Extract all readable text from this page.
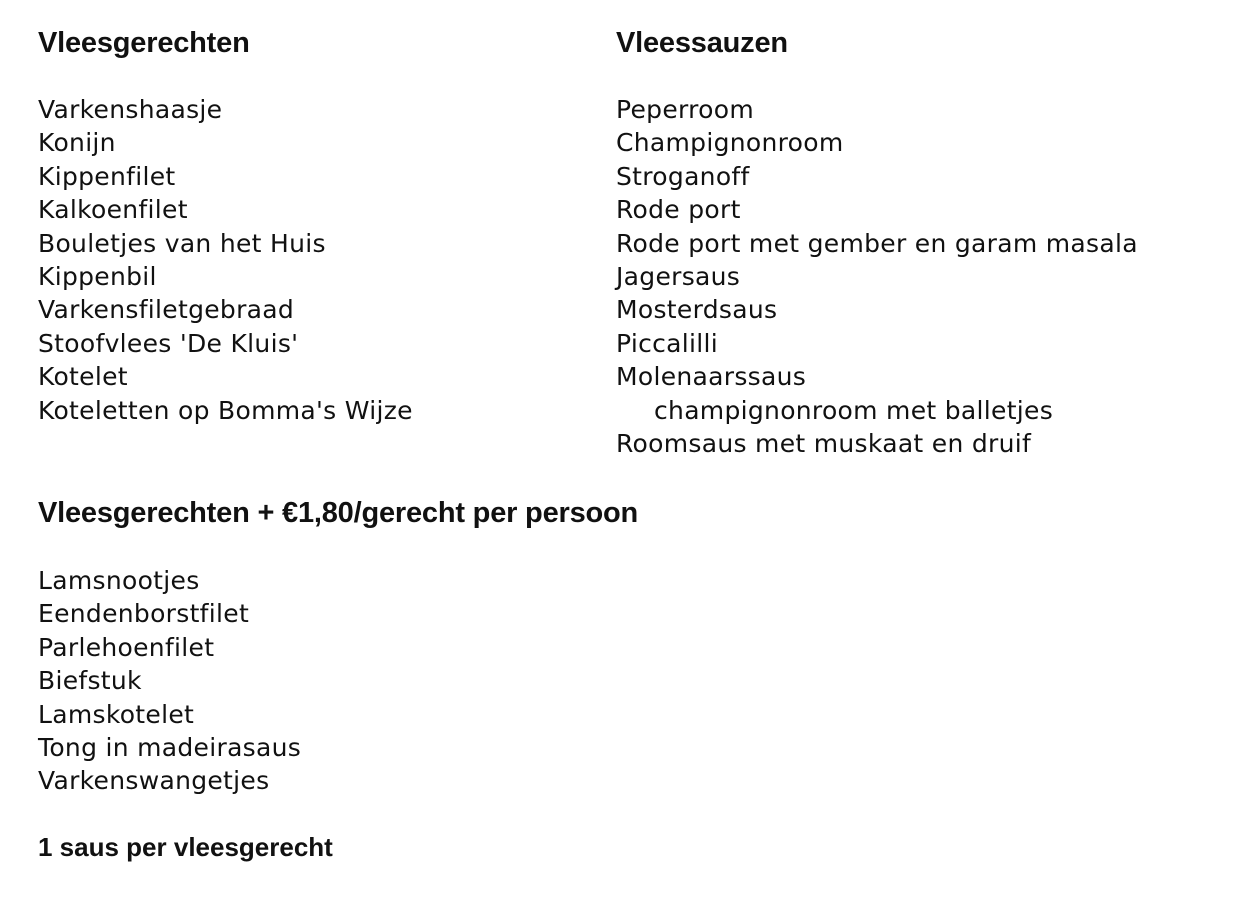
Vleesgerechten
Varkenshaasje
Konijn
Kippenfilet
Kalkoenfilet
Bouletjes van het Huis
Kippenbil
Varkensfiletgebraad
Stoofvlees 'De Kluis'
Kotelet
Koteletten op Bomma's Wijze
Vleessauzen
Peperroom
Champignonroom
Stroganoff
Rode port
Rode port met gember en garam masala
Jagersaus
Mosterdsaus
Piccalilli
Molenaarssaus
champignonroom met balletjes
Roomsaus met muskaat en druif
Vleesgerechten + €1,80/gerecht per persoon
Lamsnootjes
Eendenborstfilet
Parlehoenfilet
Biefstuk
Lamskotelet
Tong in madeirasaus
Varkenswangetjes

1 saus per vleesgerecht
